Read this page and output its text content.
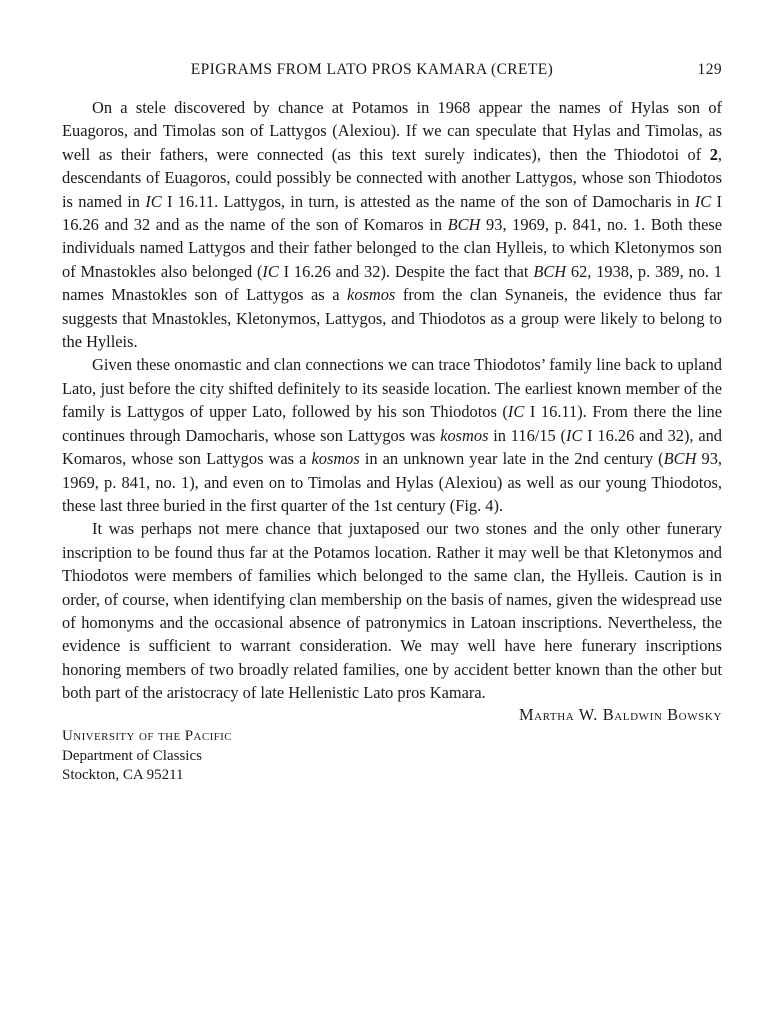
EPIGRAMS FROM LATO PROS KAMARA (CRETE)	129

On a stele discovered by chance at Potamos in 1968 appear the names of Hylas son of Euagoros, and Timolas son of Lattygos (Alexiou). If we can speculate that Hylas and Timolas, as well as their fathers, were connected (as this text surely indicates), then the Thiodotoi of 2, descendants of Euagoros, could possibly be connected with another Lattygos, whose son Thiodotos is named in IC I 16.11. Lattygos, in turn, is attested as the name of the son of Damocharis in IC I 16.26 and 32 and as the name of the son of Komaros in BCH 93, 1969, p. 841, no. 1. Both these individuals named Lattygos and their father belonged to the clan Hylleis, to which Kletonymos son of Mnastokles also belonged (IC I 16.26 and 32). Despite the fact that BCH 62, 1938, p. 389, no. 1 names Mnastokles son of Lattygos as a kosmos from the clan Synaneis, the evidence thus far suggests that Mnastokles, Kletonymos, Lattygos, and Thiodotos as a group were likely to belong to the Hylleis.

Given these onomastic and clan connections we can trace Thiodotos’ family line back to upland Lato, just before the city shifted definitely to its seaside location. The earliest known member of the family is Lattygos of upper Lato, followed by his son Thiodotos (IC I 16.11). From there the line continues through Damocharis, whose son Lattygos was kosmos in 116/15 (IC I 16.26 and 32), and Komaros, whose son Lattygos was a kosmos in an unknown year late in the 2nd century (BCH 93, 1969, p. 841, no. 1), and even on to Timolas and Hylas (Alexiou) as well as our young Thiodotos, these last three buried in the first quarter of the 1st century (Fig. 4).

It was perhaps not mere chance that juxtaposed our two stones and the only other funerary inscription to be found thus far at the Potamos location. Rather it may well be that Kletonymos and Thiodotos were members of families which belonged to the same clan, the Hylleis. Caution is in order, of course, when identifying clan membership on the basis of names, given the widespread use of homonyms and the occasional absence of patronymics in Latoan inscriptions. Nevertheless, the evidence is sufficient to warrant consideration. We may well have here funerary inscriptions honoring members of two broadly related families, one by accident better known than the other but both part of the aristocracy of late Hellenistic Lato pros Kamara.

Martha W. Baldwin Bowsky
University of the Pacific
Department of Classics
Stockton, CA 95211
